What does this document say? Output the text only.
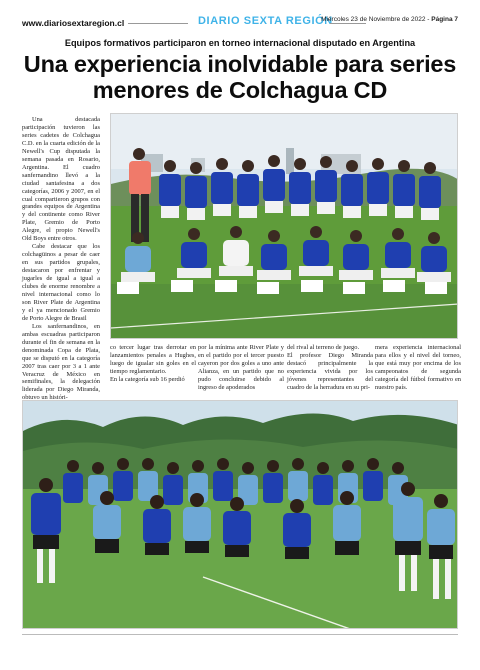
www.diariosextaregion.cl	DIARIO SEXTA REGIÓN
Miércoles 23 de Noviembre de 2022 - Página 7
Equipos formativos participaron en torneo internacional disputado en Argentina
Una experiencia inolvidable para series
menores de Colchagua CD

Una destacada participación tuvieron las series cadetes de Colchagua C.D. en la cuarta edición de la Newell's Cup disputada la semana pasada en Rosario, Argentina. El cuadro sanfernandino llevó a la ciudad santafesina a dos categorías, 2006 y 2007, en el cual compartieron grupos con grandes equipos de Argentina y del continente como River Plate, Gremio de Porto Alegre, el propio Newell's Old Boys entre otros.

Cabe destacar que los colchagüinos a pesar de caer en sus partidos grupales, destacaron por enfrentar y jugarles de igual a igual a clubes de enorme renombre a nivel internacional como lo son River Plate de Argentina y el ya mencionado Gremio de Porto Alegre de Brasil

Los sanfernandinos, en ambas escuadras participaron durante el fin de semana en la denominada Copa de Plata, que se disputó en la categoría 2007 tras caer por 3 a 1 ante Veracruz de México en semifinales, la delegación liderada por Diego Miranda, obtuvo un históri-

co tercer lugar tras derrotar en lanzamientos penales a Hughes, luego de igualar sin goles en el tiempo reglamentario.
En la categoría sub 16 perdió

por la mínima ante River Plate y en el partido por el tercer puesto cayeron por dos goles a uno ante Alianza, en un partido que no pudo concluirse debido al ingreso de apoderados

del rival al terreno de juego.
El profesor Diego Miranda destacó principalmente la experiencia vivida por los jóvenes representantes del cuadro de la herradura en su pri-

mera experiencia internacional para ellos y el nivel del torneo, que está muy por encima de los campeonatos de segunda categoría del fútbol formativo en nuestro país.
